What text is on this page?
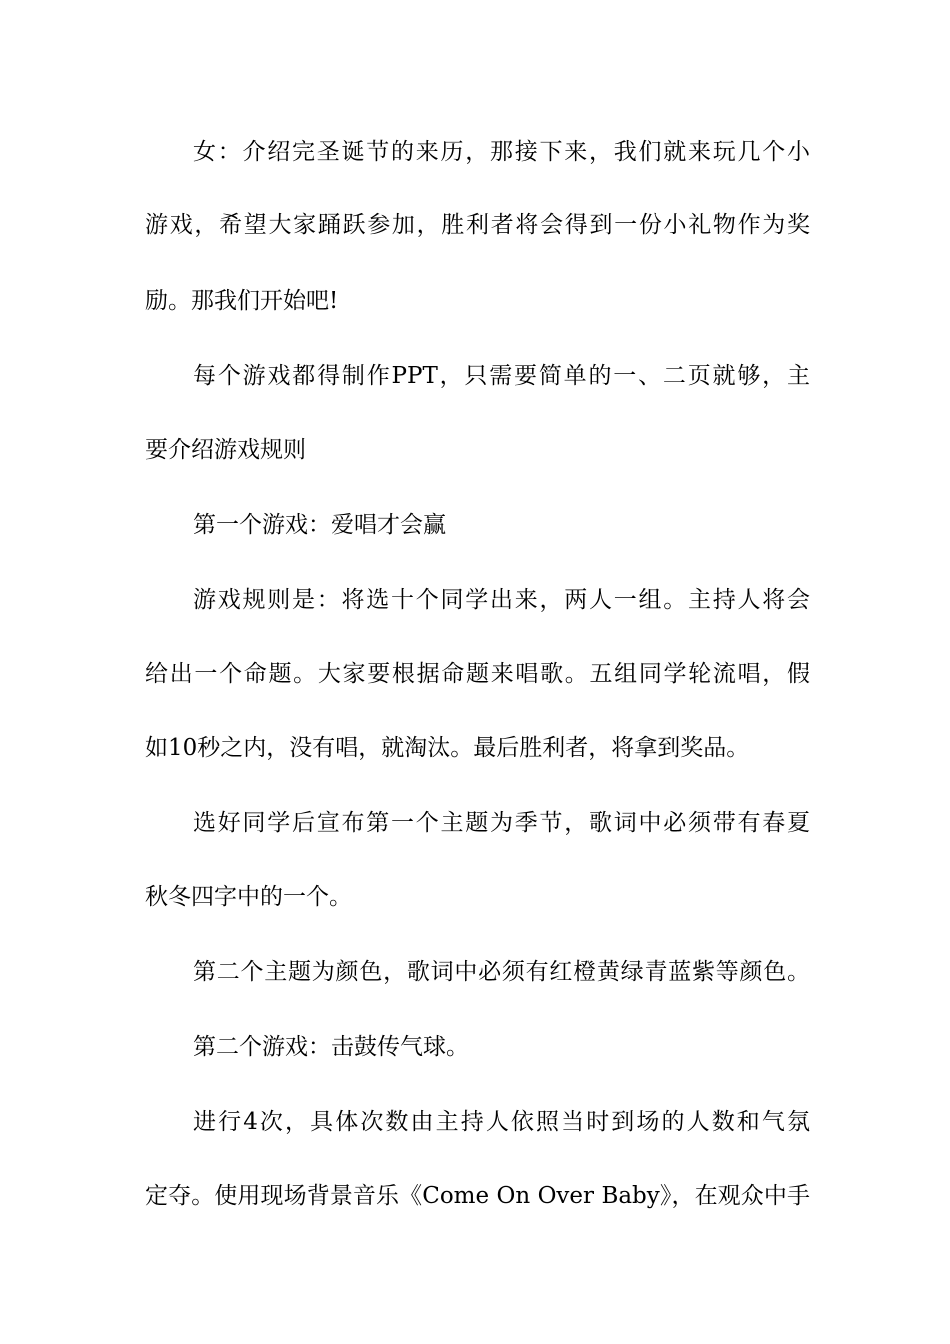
女：介绍完圣诞节的来历，那接下来，我们就来玩几个小
游戏，希望大家踊跃参加，胜利者将会得到一份小礼物作为奖
励。那我们开始吧!
每个游戏都得制作PPT，只需要简单的一、二页就够，主
要介绍游戏规则
第一个游戏：爱唱才会赢
游戏规则是：将选十个同学出来，两人一组。主持人将会
给出一个命题。大家要根据命题来唱歌。五组同学轮流唱，假
如10秒之内，没有唱，就淘汰。最后胜利者，将拿到奖品。
选好同学后宣布第一个主题为季节，歌词中必须带有春夏
秋冬四字中的一个。
第二个主题为颜色，歌词中必须有红橙黄绿青蓝紫等颜色。
第二个游戏：击鼓传气球。
进行4次，具体次数由主持人依照当时到场的人数和气氛
定夺。使用现场背景音乐《Come On Over Baby》，在观众中手
